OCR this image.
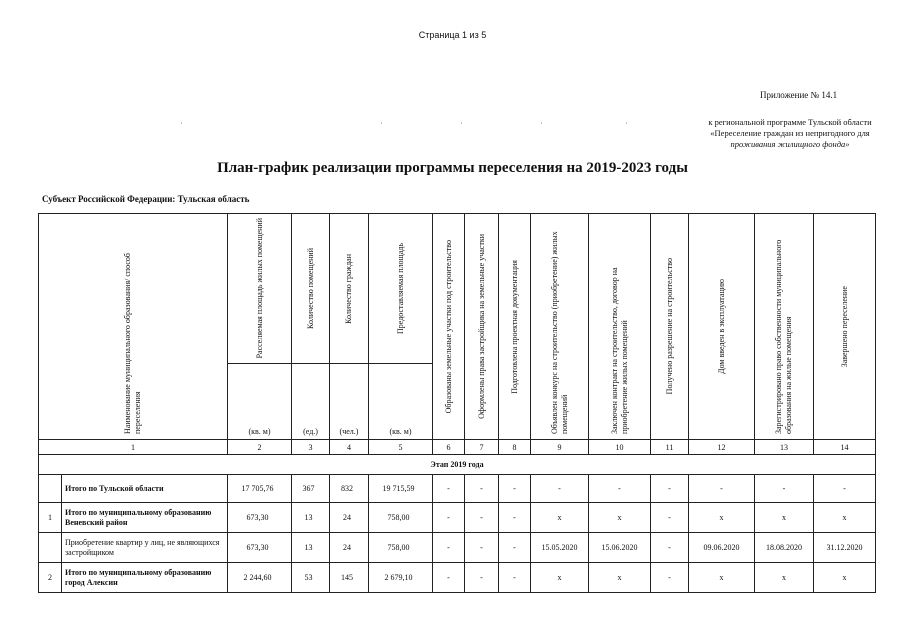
Страница 1 из 5
·	·	·	·	·
Приложение № 14.1
к региональной программе Тульской области
«Переселение граждан из непригодного для
проживания жилищного фонда»
План-график реализации программы переселения на 2019-2023 годы
Субъект Российской Федерации: Тульская область
Наименование муниципального образования/ способ переселения		Расселяемая площадь жилых помещений	Количество помещений	Количество граждан	Предоставляемая площадь	Образованы земельные участки под строительство	Оформлены права застройщика на земельные участки	Подготовлена проектная документация	Объявлен конкурс на строительство (приобретение) жилых помещений	Заключен контракт на строительство, договор на приобретение жилых помещений	Получено разрешение на строительство	Дом введен в эксплуатацию	Зарегистрировано право собственности муниципального образования на жилые помещения	Завершено переселение

		(кв. м)	(ед.)	(чел.)	(кв. м)									
1		2	3	4	5	6	7	8	9	10	11	12	13	14
Этап 2019 года														
	Итого по Тульской области	17 705,76	367	832	19 715,59	-	-	-	-	-	-	-	-	-
1	Итого по муниципальному образованию Веневский район	673,30	13	24	758,00	-	-	-	x	x	-	x	x	x
	Приобретение квартир у лиц, не являющихся застройщиком	673,30	13	24	758,00	-	-	-	15.05.2020	15.06.2020	-	09.06.2020	18.08.2020	31.12.2020
2	Итого по муниципальному образованию город Алексин	2 244,60	53	145	2 679,10	-	-	-	x	x	-	x	x	x
